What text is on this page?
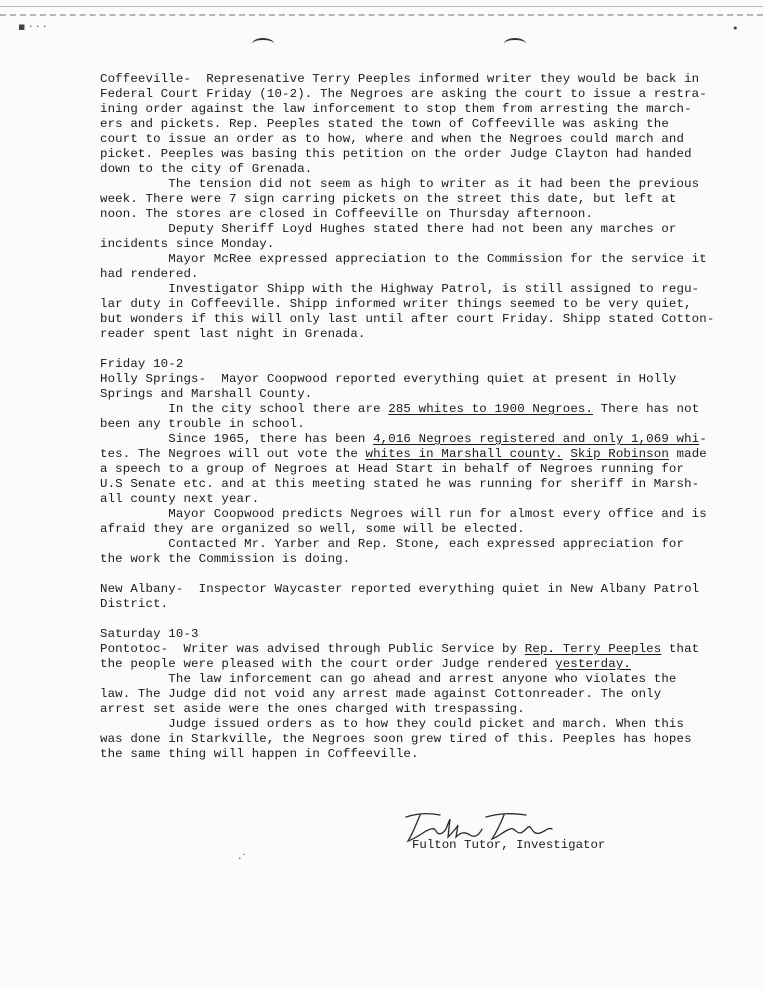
▪ · · ·
Coffeeville-  Represenative Terry Peeples informed writer they would be back in
Federal Court Friday (10-2). The Negroes are asking the court to issue a restra-
ining order against the law inforcement to stop them from arresting the march-
ers and pickets. Rep. Peeples stated the town of Coffeeville was asking the
court to issue an order as to how, where and when the Negroes could march and
picket. Peeples was basing this petition on the order Judge Clayton had handed
down to the city of Grenada.
The tension did not seem as high to writer as it had been the previous
week. There were 7 sign carring pickets on the street this date, but left at
noon. The stores are closed in Coffeeville on Thursday afternoon.
Deputy Sheriff Loyd Hughes stated there had not been any marches or
incidents since Monday.
Mayor McRee expressed appreciation to the Commission for the service it
had rendered.
Investigator Shipp with the Highway Patrol, is still assigned to regu-
lar duty in Coffeeville. Shipp informed writer things seemed to be very quiet,
but wonders if this will only last until after court Friday. Shipp stated Cotton-
reader spent last night in Grenada.
Friday 10-2
Holly Springs-  Mayor Coopwood reported everything quiet at present in Holly
Springs and Marshall County.
In the city school there are 285 whites to 1900 Negroes. There has not
been any trouble in school.
Since 1965, there has been 4,016 Negroes registered and only 1,069 whi-
tes. The Negroes will out vote the whites in Marshall county. Skip Robinson made
a speech to a group of Negroes at Head Start in behalf of Negroes running for
U.S Senate etc. and at this meeting stated he was running for sheriff in Marsh-
all county next year.
Mayor Coopwood predicts Negroes will run for almost every office and is
afraid they are organized so well, some will be elected.
Contacted Mr. Yarber and Rep. Stone, each expressed appreciation for
the work the Commission is doing.
New Albany-  Inspector Waycaster reported everything quiet in New Albany Patrol
District.
Saturday 10-3
Pontotoc-  Writer was advised through Public Service by Rep. Terry Peeples that
the people were pleased with the court order Judge rendered yesterday.
The law inforcement can go ahead and arrest anyone who violates the
law. The Judge did not void any arrest made against Cottonreader. The only
arrest set aside were the ones charged with trespassing.
Judge issued orders as to how they could picket and march. When this
was done in Starkville, the Negroes soon grew tired of this. Peeples has hopes
the same thing will happen in Coffeeville.
Fulton Tutor, Investigator
·˙
•
